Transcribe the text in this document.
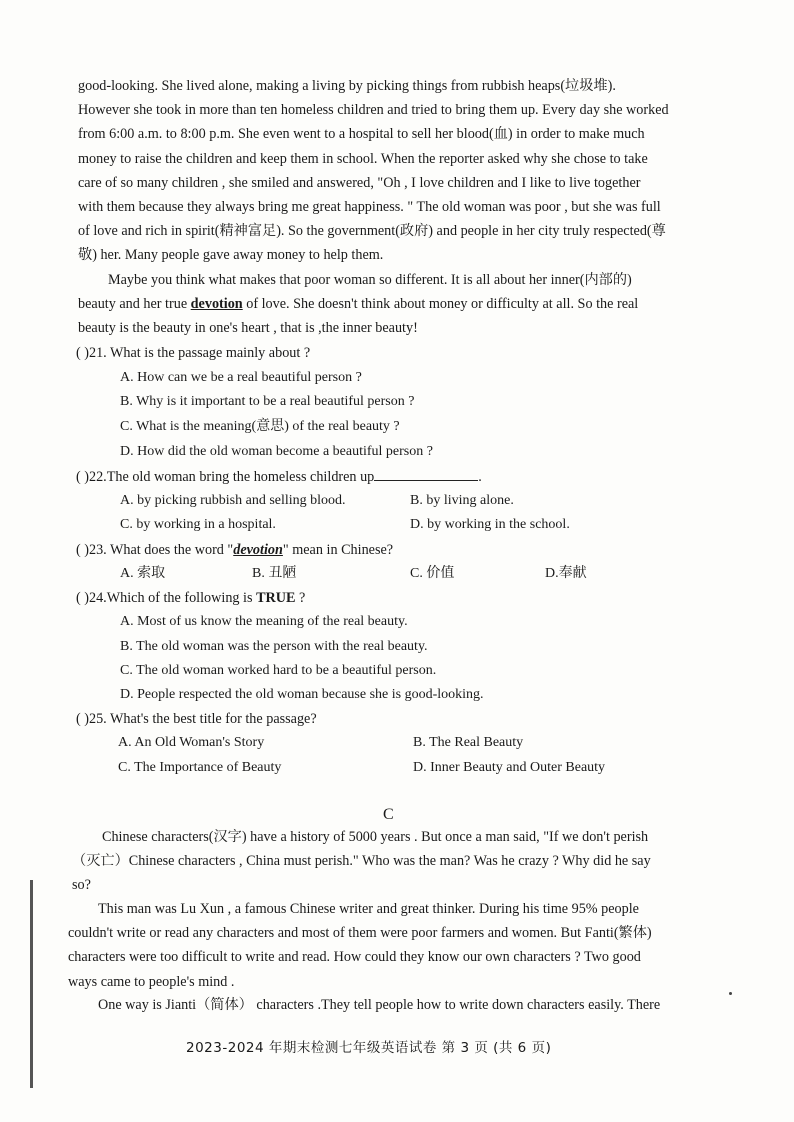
good-looking. She lived alone, making a living by picking things from rubbish heaps(垃圾堆).
However she took in more than ten homeless children and tried to bring them up. Every day she worked
from 6:00 a.m. to 8:00 p.m. She even went to a hospital to sell her blood(血) in order to make much
money to raise the children and keep them in school. When the reporter asked why she chose to take
care of so many children , she smiled and answered, "Oh , I love children and I like to live together
with them because they always bring me great happiness. " The old woman was poor , but she was full
of love and rich in spirit(精神富足). So the government(政府) and people in her city truly respected(尊
敬) her. Many people gave away money to help them.
Maybe you think what makes that poor woman so different. It is all about her inner(内部的)
beauty and her true devotion of love. She doesn't think about money or difficulty at all. So the real
beauty is the beauty in one's heart , that is ,the inner beauty!
( )21. What is the passage mainly about ?
A. How can we be a real beautiful person ?
B. Why is it important to be a real beautiful person ?
C. What is the meaning(意思) of the real beauty ?
D. How did the old woman become a beautiful person ?
( )22.The old woman bring the homeless children up	.
A. by picking rubbish and selling blood.	B. by living alone.
C. by working in a hospital.	D. by working in the school.
( )23. What does the word "devotion" mean in Chinese?
A. 索取	B. 丑陋	C. 价值	D.奉献
( )24.Which of the following is TRUE ?
A. Most of us know the meaning of the real beauty.
B. The old woman was the person with the real beauty.
C. The old woman worked hard to be a beautiful person.
D. People respected the old woman because she is good-looking.
( )25. What's the best title for the passage?
A. An Old Woman's Story	B. The Real Beauty
C. The Importance of Beauty	D. Inner Beauty and Outer Beauty
C
Chinese characters(汉字) have a history of 5000 years . But once a man said, "If we don't perish
（灭亡）Chinese characters , China must perish." Who was the man? Was he crazy ? Why did he say
so?
This man was Lu Xun , a famous Chinese writer and great thinker. During his time 95% people
couldn't write or read any characters and most of them were poor farmers and women. But Fanti(繁体)
characters were too difficult to write and read. How could they know our own characters ? Two good
ways came to people's mind .
One way is Jianti（简体） characters .They tell people how to write down characters easily. There
2023-2024 年期末检测七年级英语试卷 第 3 页 (共 6 页)
